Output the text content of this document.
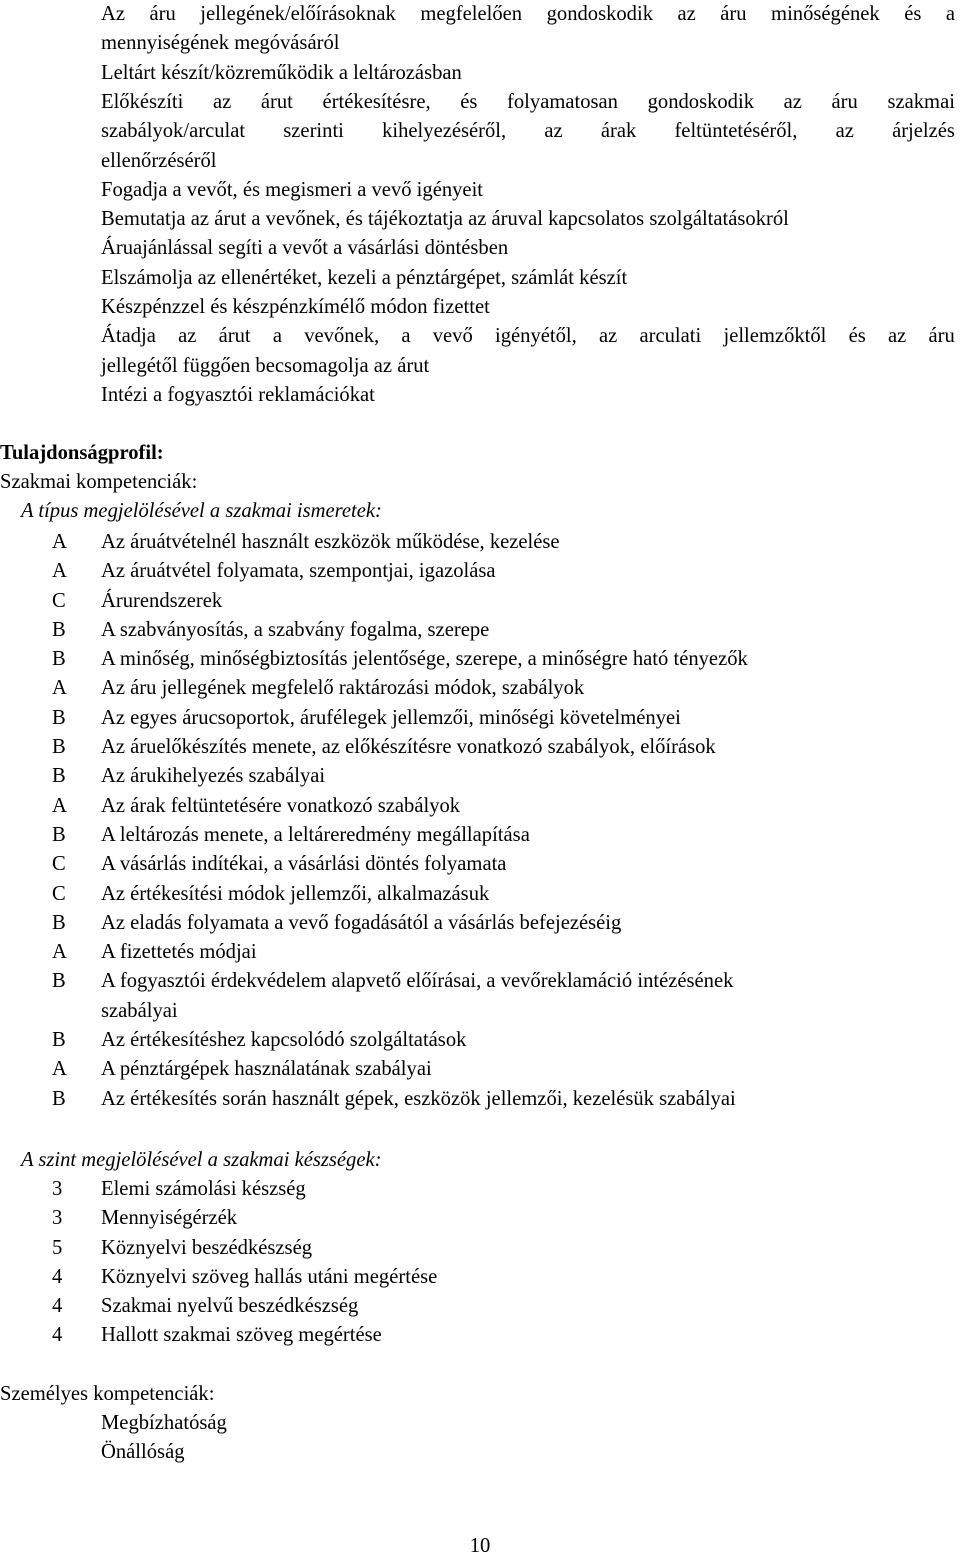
Az áru jellegének/előírásoknak megfelelően gondoskodik az áru minőségének és a
mennyiségének megóvásáról
Leltárt készít/közreműködik a leltározásban
Előkészíti az árut értékesítésre, és folyamatosan gondoskodik az áru szakmai
szabályok/arculat szerinti kihelyezéséről, az árak feltüntetéséről, az árjelzés
ellenőrzéséről
Fogadja a vevőt, és megismeri a vevő igényeit
Bemutatja az árut a vevőnek, és tájékoztatja az áruval kapcsolatos szolgáltatásokról
Áruajánlással segíti a vevőt a vásárlási döntésben
Elszámolja az ellenértéket, kezeli a pénztárgépet, számlát készít
Készpénzzel és készpénzkímélő módon fizettet
Átadja az árut a vevőnek, a vevő igényétől, az arculati jellemzőktől és az áru
jellegétől függően becsomagolja az árut
Intézi a fogyasztói reklamációkat
Tulajdonságprofil:
Szakmai kompetenciák:
A típus megjelölésével a szakmai ismeretek:
A Az áruátvételnél használt eszközök működése, kezelése
A Az áruátvétel folyamata, szempontjai, igazolása
C	Árurendszerek
B	A szabványosítás, a szabvány fogalma, szerepe
B	A minőség, minőségbiztosítás jelentősége, szerepe, a minőségre ható tényezők
A Az áru jellegének megfelelő raktározási módok, szabályok
B	Az egyes árucsoportok, árufélegek jellemzői, minőségi követelményei
B	Az áruelőkészítés menete, az előkészítésre vonatkozó szabályok, előírások
B	Az árukihelyezés szabályai
A Az árak feltüntetésére vonatkozó szabályok
B	A leltározás menete, a leltáreredmény megállapítása
C	A vásárlás indítékai, a vásárlási döntés folyamata
C	Az értékesítési módok jellemzői, alkalmazásuk
B	Az eladás folyamata a vevő fogadásától a vásárlás befejezéséig
A A fizettetés módjai
B	A fogyasztói érdekvédelem alapvető előírásai, a vevőreklamáció intézésének
szabályai
B	Az értékesítéshez kapcsolódó szolgáltatások
A A pénztárgépek használatának szabályai
B	Az értékesítés során használt gépek, eszközök jellemzői, kezelésük szabályai
A szint megjelölésével a szakmai készségek:
3	Elemi számolási készség
3	Mennyiségérzék
5	Köznyelvi beszédkészség
4	Köznyelvi szöveg hallás utáni megértése
4	Szakmai nyelvű beszédkészség
4	Hallott szakmai szöveg megértése
Személyes kompetenciák:
Megbízhatóság
Önállóság
10
